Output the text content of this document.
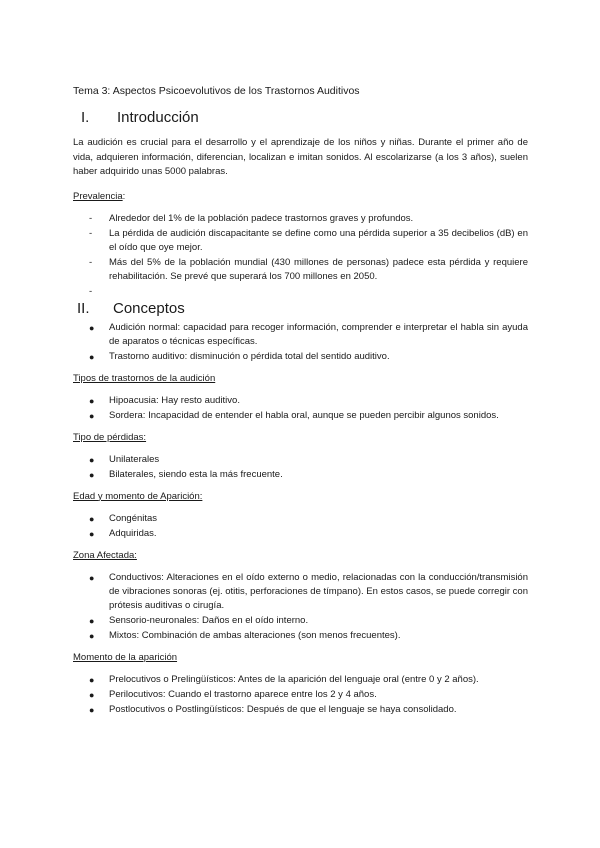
Tema 3: Aspectos Psicoevolutivos de los Trastornos Auditivos
I.	Introducción

La audición es crucial para el desarrollo y el aprendizaje de los niños y niñas. Durante el primer año de vida, adquieren información, diferencian, localizan e imitan sonidos. Al escolarizarse (a los 3 años), suelen haber adquirido unas 5000 palabras.

Prevalencia:
- Alrededor del 1% de la población padece trastornos graves y profundos.
- La pérdida de audición discapacitante se define como una pérdida superior a 35 decibelios (dB) en el oído que oye mejor.
- Más del 5% de la población mundial (430 millones de personas) padece esta pérdida y requiere rehabilitación. Se prevé que superará los 700 millones en 2050.
-
II.	Conceptos
● Audición normal: capacidad para recoger información, comprender e interpretar el habla sin ayuda de aparatos o técnicas específicas.
● Trastorno auditivo: disminución o pérdida total del sentido auditivo.
Tipos de trastornos de la audición
● Hipoacusia: Hay resto auditivo.
● Sordera: Incapacidad de entender el habla oral, aunque se pueden percibir algunos sonidos.
Tipo de pérdidas:
● Unilaterales
● Bilaterales, siendo esta la más frecuente.
Edad y momento de Aparición:
● Congénitas
● Adquiridas.
Zona Afectada:
● Conductivos: Alteraciones en el oído externo o medio, relacionadas con la conducción/transmisión de vibraciones sonoras (ej. otitis, perforaciones de tímpano). En estos casos, se puede corregir con prótesis auditivas o cirugía.
● Sensorio-neuronales: Daños en el oído interno.
● Mixtos: Combinación de ambas alteraciones (son menos frecuentes).
Momento de la aparición
● Prelocutivos o Prelingüísticos: Antes de la aparición del lenguaje oral (entre 0 y 2 años).
● Perilocutivos: Cuando el trastorno aparece entre los 2 y 4 años.
● Postlocutivos o Postlingüísticos: Después de que el lenguaje se haya consolidado.
